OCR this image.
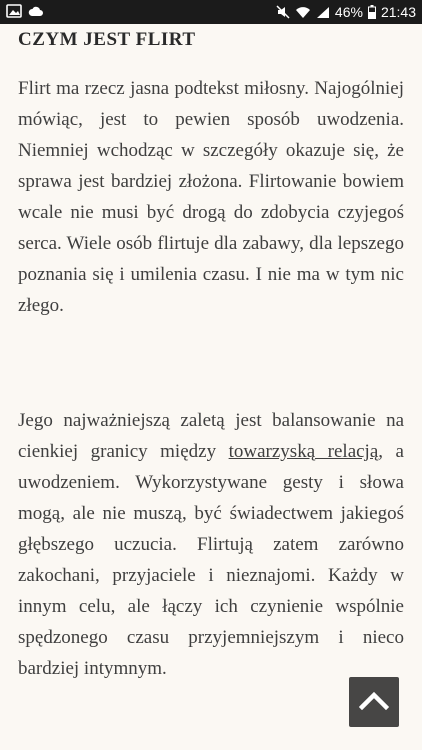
46% 21:43
CZYM JEST FLIRT

Flirt ma rzecz jasna podtekst miłosny. Najogólniej mówiąc, jest to pewien sposób uwodzenia. Niemniej wchodząc w szczegóły okazuje się, że sprawa jest bardziej złożona. Flirtowanie bowiem wcale nie musi być drogą do zdobycia czyjegoś serca. Wiele osób flirtuje dla zabawy, dla lepszego poznania się i umilenia czasu. I nie ma w tym nic złego.

Jego najważniejszą zaletą jest balansowanie na cienkiej granicy między towarzyską relacją, a uwodzeniem. Wykorzystywane gesty i słowa mogą, ale nie muszą, być świadectwem jakiegoś głębszego uczucia. Flirtują zatem zarówno zakochani, przyjaciele i nieznajomi. Każdy w innym celu, ale łączy ich czynienie wspólnie spędzonego czasu przyjemniejszym i nieco bardziej intymnym.
